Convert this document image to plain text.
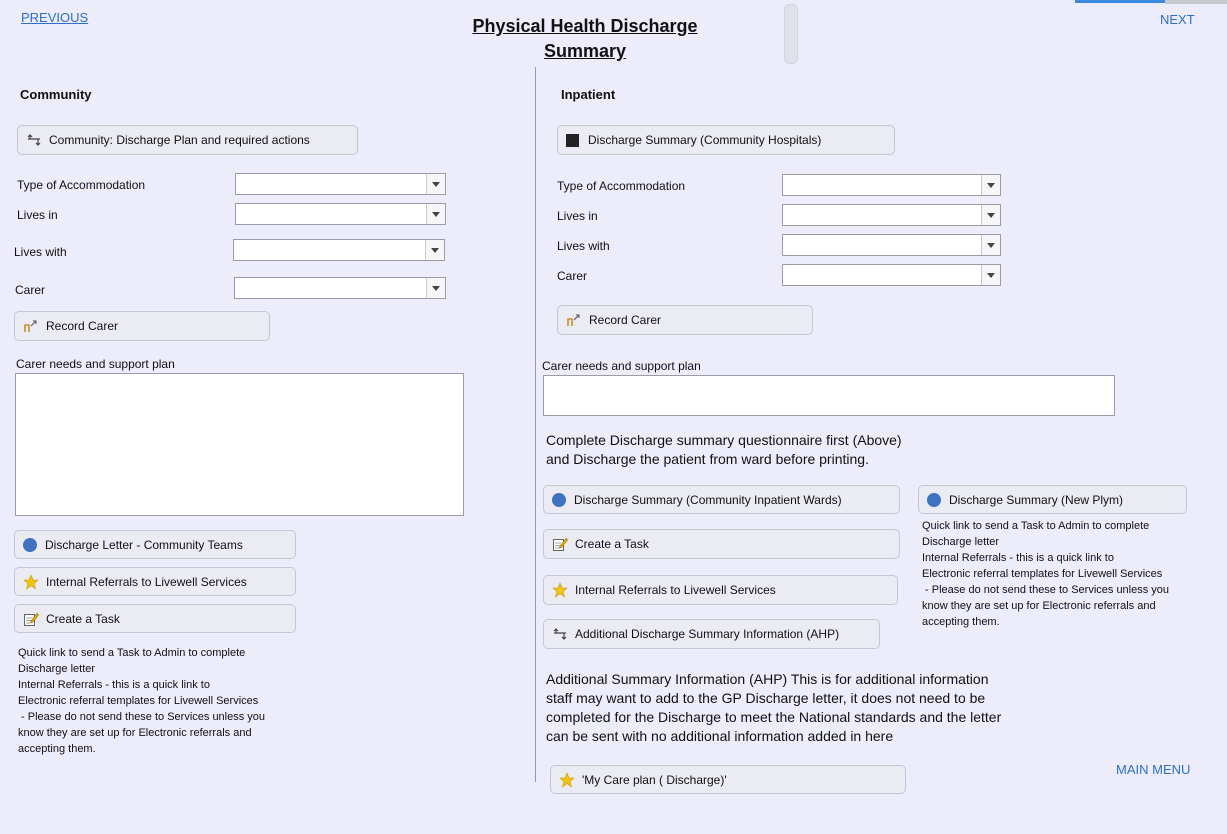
PREVIOUS	NEXT
MAIN MENU
Physical Health Discharge
Summary
Community
Community: Discharge Plan and required actions
Type of Accommodation
Lives in
Lives with
Carer
Record Carer
Carer needs and support plan
Discharge Letter - Community Teams
Internal Referrals to Livewell Services
Create a Task
Quick link to send a Task to Admin to complete
Discharge letter
Internal Referrals - this is a quick link to
Electronic referral templates for Livewell Services
- Please do not send these to Services unless you
know they are set up for Electronic referrals and
accepting them.
Inpatient
Discharge Summary (Community Hospitals)
Type of Accommodation
Lives in
Lives with
Carer
Record Carer
Carer needs and support plan
Complete Discharge summary questionnaire first (Above)
and Discharge the patient from ward before printing.
Discharge Summary (Community Inpatient Wards)	Discharge Summary (New Plym)
Create a Task
Internal Referrals to Livewell Services
Additional Discharge Summary Information (AHP)
Quick link to send a Task to Admin to complete
Discharge letter
Internal Referrals - this is a quick link to
Electronic referral templates for Livewell Services
- Please do not send these to Services unless you
know they are set up for Electronic referrals and
accepting them.
Additional Summary Information (AHP) This is for additional information
staff may want to add to the GP Discharge letter, it does not need to be
completed for the Discharge to meet the National standards and the letter
can be sent with no additional information added in here
'My Care plan ( Discharge)'
